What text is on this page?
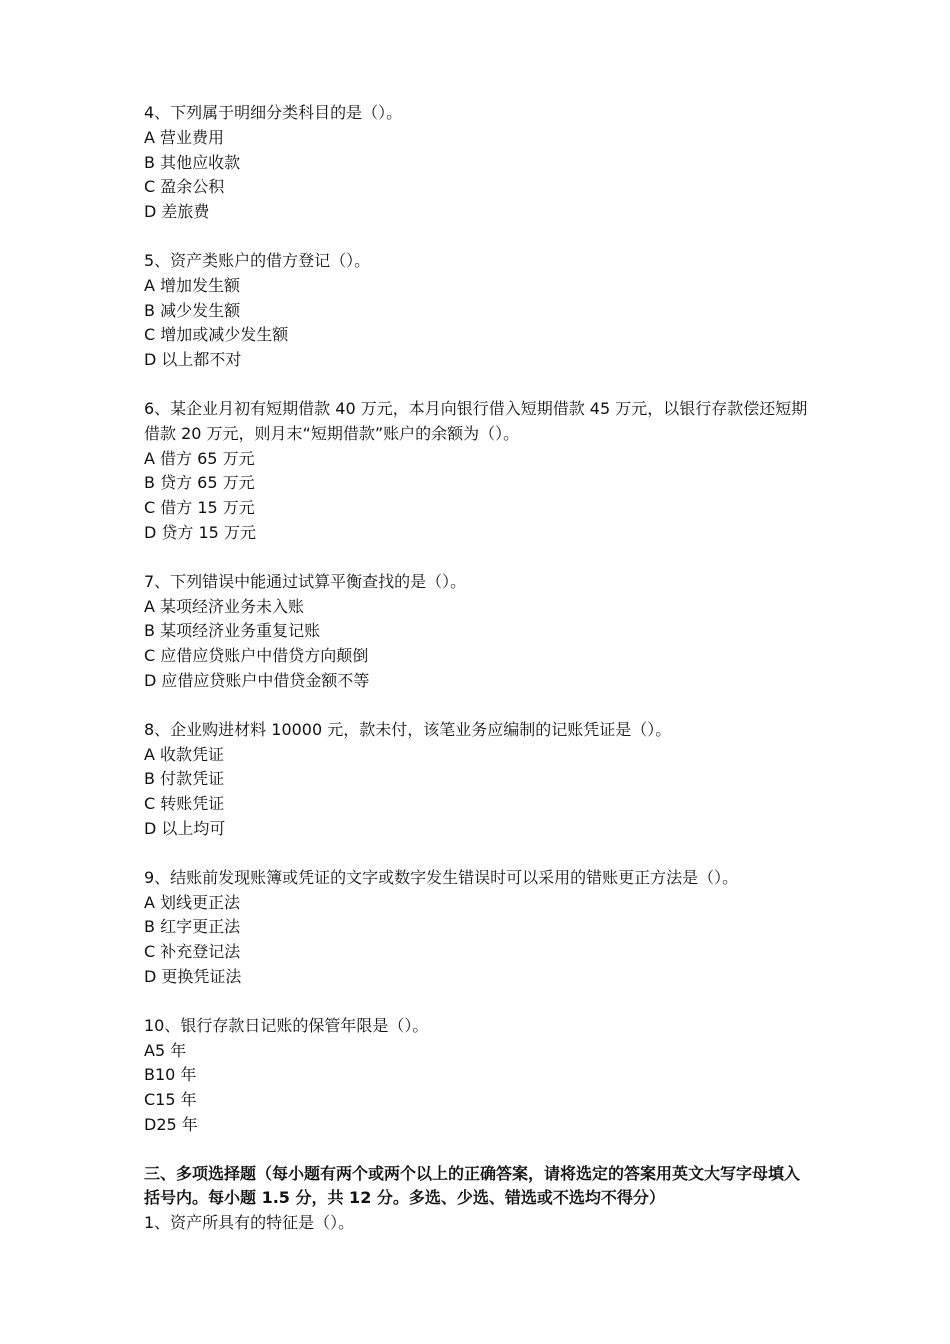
4、下列属于明细分类科目的是（）。

A 营业费用

B 其他应收款

C 盈余公积

D 差旅费

5、资产类账户的借方登记（）。

A 增加发生额

B 减少发生额

C 增加或减少发生额

D 以上都不对

6、某企业月初有短期借款 40 万元，本月向银行借入短期借款 45 万元，以银行存款偿还短期借款 20 万元，则月末“短期借款”账户的余额为（）。

A 借方 65 万元

B 贷方 65 万元

C 借方 15 万元

D 贷方 15 万元

7、下列错误中能通过试算平衡查找的是（）。

A 某项经济业务未入账

B 某项经济业务重复记账

C 应借应贷账户中借贷方向颠倒

D 应借应贷账户中借贷金额不等

8、企业购进材料 10000 元，款未付，该笔业务应编制的记账凭证是（）。

A 收款凭证

B 付款凭证

C 转账凭证

D 以上均可

9、结账前发现账簿或凭证的文字或数字发生错误时可以采用的错账更正方法是（）。

A 划线更正法

B 红字更正法

C 补充登记法

D 更换凭证法

10、银行存款日记账的保管年限是（）。

A5 年

B10 年

C15 年

D25 年

三、多项选择题（每小题有两个或两个以上的正确答案，请将选定的答案用英文大写字母填入括号内。每小题 1.5 分，共 12 分。多选、少选、错选或不选均不得分）

1、资产所具有的特征是（）。
